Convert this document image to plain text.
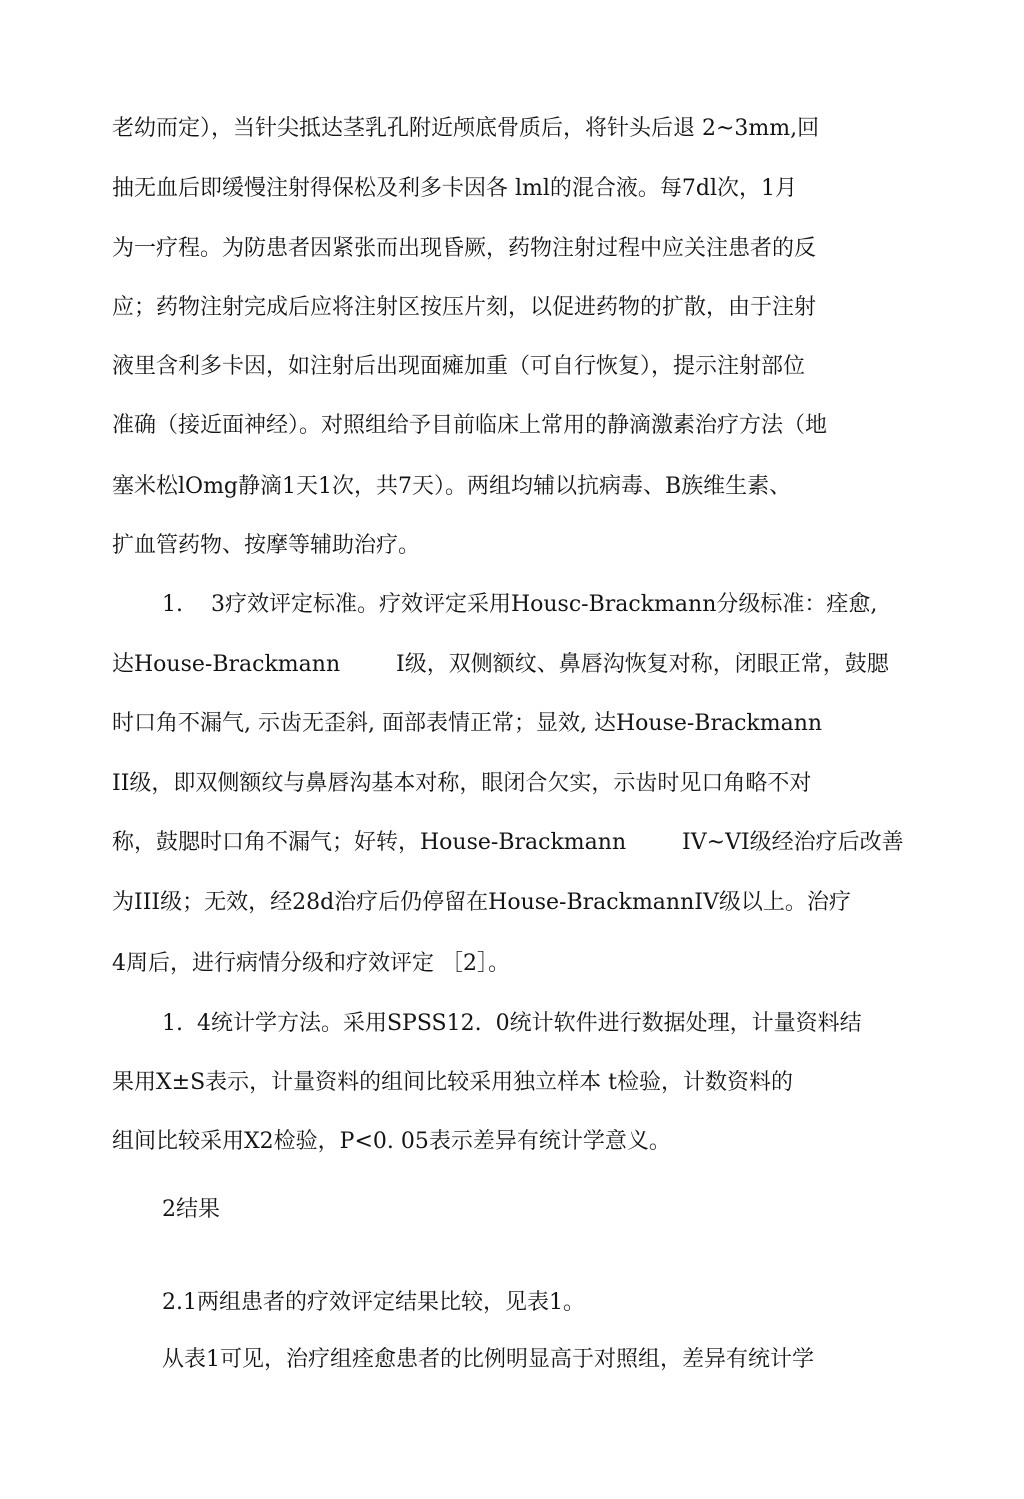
老幼而定），当针尖抵达茎乳孔附近颅底骨质后，将针头后退 2~3mm,回
抽无血后即缓慢注射得保松及利多卡因各 lml的混合液。每7dl次，1月
为一疗程。为防患者因紧张而出现昏厥，药物注射过程中应关注患者的反
应；药物注射完成后应将注射区按压片刻，以促进药物的扩散，由于注射
液里含利多卡因，如注射后出现面瘫加重（可自行恢复），提示注射部位
准确（接近面神经）。对照组给予目前临床上常用的静滴激素治疗方法（地
塞米松lOmg静滴1天1次，共7天）。两组均辅以抗病毒、B族维生素、
扩血管药物、按摩等辅助治疗。
1.    3疗效评定标准。疗效评定采用Housc-Brackmann分级标准：痊愈,
达House-Brackmann        I级，双侧额纹、鼻唇沟恢复对称，闭眼正常，鼓腮
时口角不漏气, 示齿无歪斜, 面部表情正常；显效, 达House-Brackmann
II级，即双侧额纹与鼻唇沟基本对称，眼闭合欠实，示齿时见口角略不对
称，鼓腮时口角不漏气；好转，House-Brackmann        IV~VI级经治疗后改善
为III级；无效，经28d治疗后仍停留在House-BrackmannIV级以上。治疗
4周后，进行病情分级和疗效评定 ［2］。
1.  4统计学方法。采用SPSS12.  0统计软件进行数据处理，计量资料结
果用X±S表示，计量资料的组间比较采用独立样本 t检验，计数资料的
组间比较采用X2检验，P<0. 05表示差异有统计学意义。
2结果
2.1两组患者的疗效评定结果比较，见表1。
从表1可见，治疗组痊愈患者的比例明显高于对照组，差异有统计学
